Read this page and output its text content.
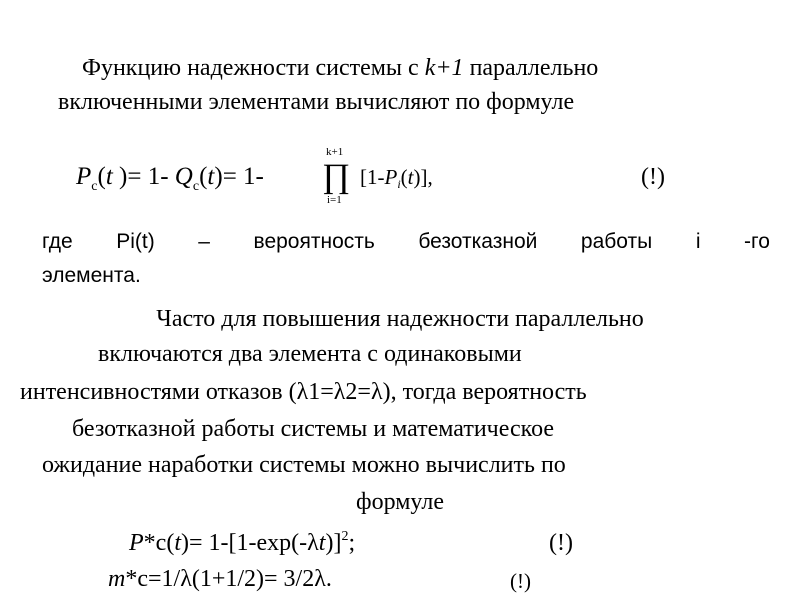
Функцию надежности системы с k+1 параллельно
включенными элементами вычисляют по формуле
$P_c(t$ )= 1- $Q_c(t)= 1-$
k+1
∏
i=1
[1-Pi(t)],	(!)
где Pi(t) – вероятность безотказной работы i -го
элемента.
Часто для повышения надежности параллельно
включаются два элемента с одинаковыми
интенсивностями отказов (λ1=λ2=λ), тогда вероятность
безотказной работы системы и математическое
ожидание наработки системы можно вычислить по
формуле
$P*c(t)= 1-[1-\exp(-\lambda t)]^2$;	(!)
m*c=1/λ(1+1/2)= 3/2λ.	(!)
